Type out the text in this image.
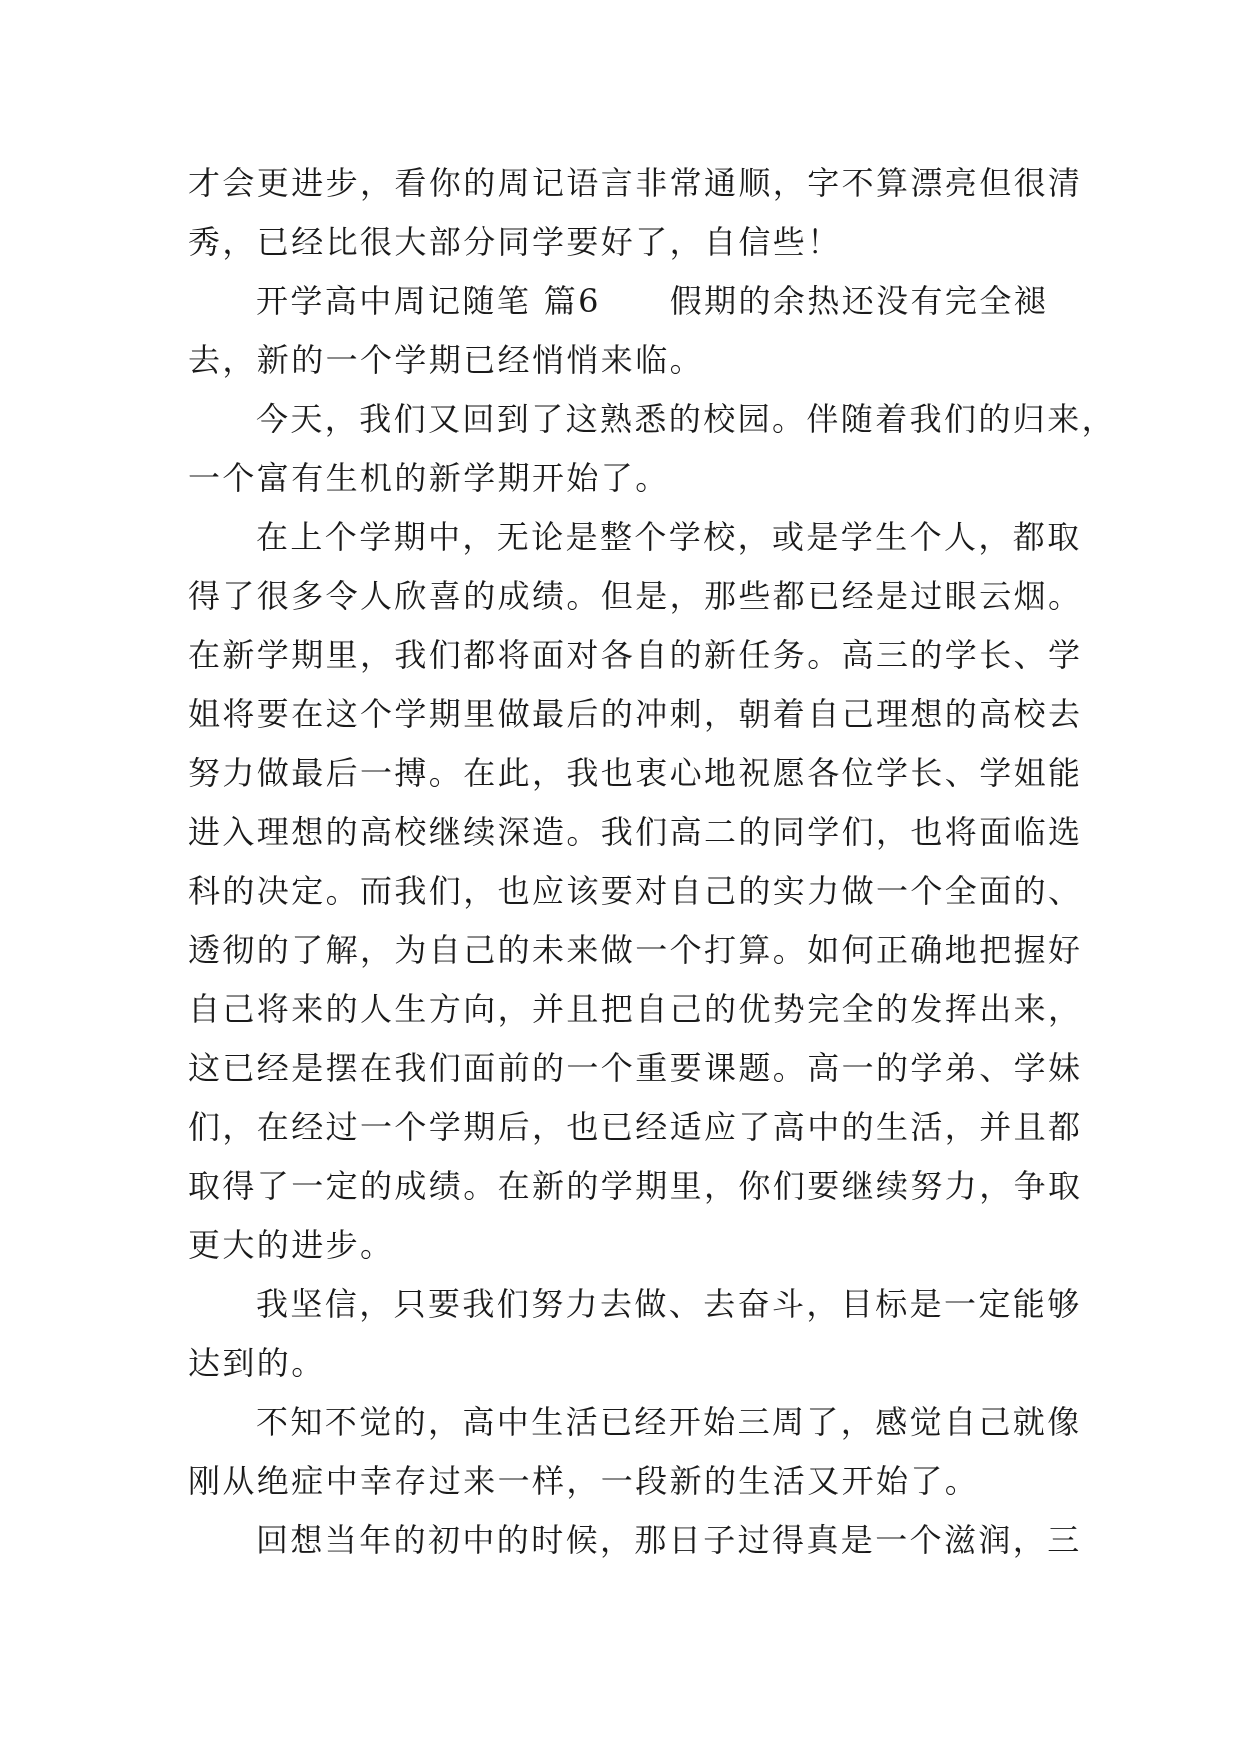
才会更进步，看你的周记语言非常通顺，字不算漂亮但很清
秀，已经比很大部分同学要好了，自信些！
开学高中周记随笔 篇6　　假期的余热还没有完全褪
去，新的一个学期已经悄悄来临。
今天，我们又回到了这熟悉的校园。伴随着我们的归来，
一个富有生机的新学期开始了。
在上个学期中，无论是整个学校，或是学生个人，都取
得了很多令人欣喜的成绩。但是，那些都已经是过眼云烟。
在新学期里，我们都将面对各自的新任务。高三的学长、学
姐将要在这个学期里做最后的冲刺，朝着自己理想的高校去
努力做最后一搏。在此，我也衷心地祝愿各位学长、学姐能
进入理想的高校继续深造。我们高二的同学们，也将面临选
科的决定。而我们，也应该要对自己的实力做一个全面的、
透彻的了解，为自己的未来做一个打算。如何正确地把握好
自己将来的人生方向，并且把自己的优势完全的发挥出来，
这已经是摆在我们面前的一个重要课题。高一的学弟、学妹
们，在经过一个学期后，也已经适应了高中的生活，并且都
取得了一定的成绩。在新的学期里，你们要继续努力，争取
更大的进步。
我坚信，只要我们努力去做、去奋斗，目标是一定能够
达到的。
不知不觉的，高中生活已经开始三周了，感觉自己就像
刚从绝症中幸存过来一样，一段新的生活又开始了。
回想当年的初中的时候，那日子过得真是一个滋润，三
